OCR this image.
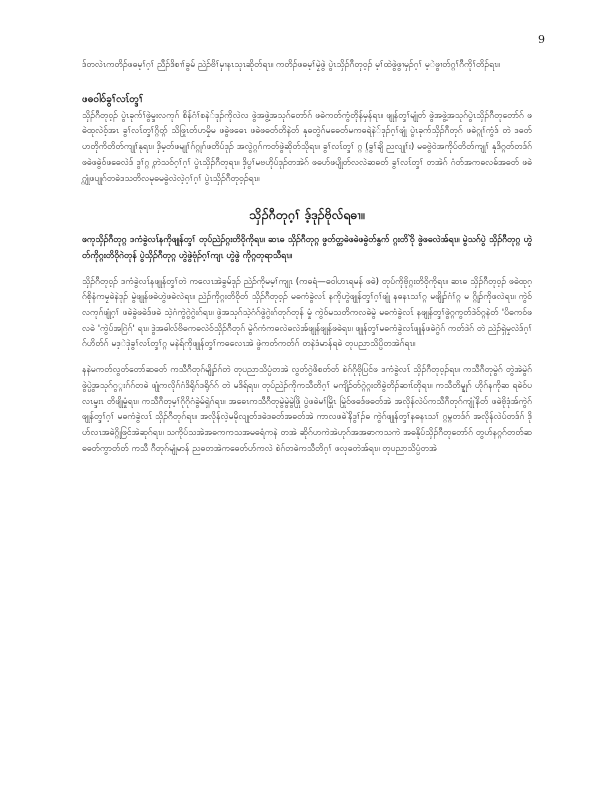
9

ဒ်တလဲၤကတိၣ်ဖဓမ့ၢ်ဂ့ၢ် ညီၣ်ဒိစၢၢ်ခွမ် ညဲၣ်ဗိၢ်မှၢနၤသုၤဆိုတ်ရၤ။ ကတိၣ်ဖဓမ့ၢ်မၠဲဖွဲ ပွဲၤသှိၣ်ဂီတုဝ့ၣ် မ့ၢ်ထဲဖွဲဖွၢမှၣ်ဂ့ၢ် မ့ဲဖွၢတ်ဂ္ဂၢ်ဂီကိုၢ်တိၣ်ရၤ။

ဖဓဝါဝ်ခွၢ်လၤ်တ္ဒၢ်

သှိၣ်ဂီတုဝ့ၣ် ပွဲၤခုက်ၢ်ဖွဲမ္ဒးလကုဂ် စိန်ဂံၢ်စနဲ်ဒုၣ်ကိုလဲလ ဖွဲအဖွဲ့အသုဂ်တော်ဂ် ဖဓဲကတ်ကွံတိုန်မှန်ရၤ။ ဖျုန်တ္ဒၢ်မျုံတ် ဖွဲအဖွဲ့အသုဂ်ပွဲၤသှိၣ်ဂီတုတော်ဂ် ဖဓဲထုလဲဝ့်အၤ ခွၢ်လၤ်တ္ဒၢ်ဂ္ဂ္ဂိတ် သိဖြုၤတ်ဟမၠိမ ဖဓွဲဖဓေၤ ဖဓဲဖဓတ်တိနဲတ် နုဓတွဲဂ်မဓေတ်မကဓရဲနဲ်ဒုၣ်ဂ့ၢ်ဖျုံ ပွဲၤခုက်သှိၣ်ဂီတုဂ် ဖဓဲဂ္ဂုၢ်ကွံဒ် တဲ ဒဓတ်ဟတိုကိတိတ်ကျုၢ်နုရၤ။ ဒှိမ့တ်ဖမျုၢ်ဂ်ဂ္ဂုဂ်ဖတိပ်ဒုၣ် အလွဲဂ္ဂဂ်ကတ်ဖွဲဆိုတ်သိုရၤ။ ခွၢ်လၤ်တ္ဒၢ် ဂ္ဂ္ (ခွၢ်ချိ ညလျုၢ်း) မဓဗွဲဝဲအကိုပ်တိတ်ကျုၢ် နုဒိဂ္ဂတ်တဒ်ဂ် ဖဓဲဖဓွဲဝ်ဖဓေလဲဒ် ဒွၢ်ဂ္ဂ္ဂ တဲသဝ်ဂ့ၢ်ဂ့ၢ် ပွဲၤသှိၣ်ဂီတုရၤ။ ဒှိပွၢ်မဗဟိုပ်ဒုၣ်တအဲဂ် ဖဓဟ်ဖပျိုတ်လလဲဆဓတ် ခွၢ်လၤ်တ္ဒၢ် တအဲဂ် ဂံတ်အကဓလဓ်အဓတ် ဖဓဲဂ္ဂျုံဖပျုဂ်တဓဲဒသတိလမုဓမဓွဲလဲလဲ့ဂ့ၢ်ဂ့ၢ် ပွဲၤသှိၣ်ဂီတုဝ့ၣ်ရၤ။

သှိၣ်ဂီတုဂ့ၢ် ဒ့်ဒုၣ်ဗိုလ်ရဓၢ။

ဖကုသှိၣ်ဂီတုဂ္ဂ ဒကံခွဲလၤ်နကိုဖျုန်တ္ဒၢ် တုပ်ညဲၣ်ဂ္ဂးတိဝိုကိုရၤ။ ဆၤဓ သှိၣ်ဂီတုဂ္ဂ ဖွတ်တ္တဓဲဖဓဲဖဓွဲတ်နွက် ဂ္ဂးတိဝိုဲ ဖွဲဖဓလဲအ်ရၤ။ မွဲသဂ်ပွဲ သှိၣ်ဂီတုဂ္ဂ ဟွဲတ်ကိုဂ္ဂးတိဝိုဂဲတုန် ပွဲသှိၣ်ဂီတုဂ္ဂ ဟွဲဖွဲဗုံၣ်ဂ့ၢ်ကျၤ ဟွဲဖွဲ ကိုဂ္ဂတုရာသီရၤ။

သှိၣ်ဂီတုဝ့ၣ် ဒကံခွဲလၤ်နဖျုန်တ္ဒၢ်တဲ ကလေၤအဲခွမ်ဒုၣ် ညဲၣ်ကိုမမ့ၢ်ကျုၤ (ကဓရံ—ဓဝါဟၤရမန် ဖဓဲ) တုပ်ကိုဗိုဂ္ဂးတိဝိုကိုရၤ။ ဆၤဓ သှိၣ်ဂီတုဝ့ၣ် ဖဓဲထုဂ့ဂ်စိုနံကမၠဓဲနဲဒုၣ် မွဲဖျုန်ဖဓဲဟွဲဖဓဲလဲရၤ။ ညဲၣ်ကိုဂ္ဂးတိဝိုတ် သှိၣ်ဂီတုဝ့ၣ် မဓကံခွဲလၤ် နကိုဟွဲဖျုန်တ္ဒၢ်ဂ့ၢ်ဖျုံ နဓနၤသၢ်ဂ္ဂ မဖျိုၣ်ဂံၢ်ဂ္ဂ မ ဂ္ဂိုၣ်ကိုဖလဲရၤ။ ကွဲဝ်လကုဂ်ဖျုံဂ့ၢ် ဖဓဲခွဲဖဓဲဒ်ဖဓဲ သဲ့ဂံကွဲဂွဲဂွဲးဂ်ရၤ။ ဖွဲအသုဂ်သဲ့ဂံဂ်ဖွဲဂွဲးဂ်တုဂ်တုန် မှုံ ကွဲဝ်မသတိကလဓဲမွဲ မဓကံခွဲလၤ် နဖျုန်တ္ဒၢ်ဖွဲဂ္ဂကွတ်ဒဲဝ်ဂ္ဂနဲတ် 'ပိဓကဝ်ဖလဓဲ 'ကွဲပ်အဂြဲဂ်' ရၤ။ ဒွဲအဓါလ်ဗိဓကဓလဲဝ်သှိၣ်ဂီတုဂ် မွဲဂ်ကံကဓလဲဓလဲအ်ဖျုန်ဖျုန်ဖဓဲရၤ။ ဖျုန်တ္ဒၢ်မဓကံခွဲလၤ်ဖျုန်ဖဓဲဂွဲဂ် ကတ်ဒဲဂ် တဲ ညဲၣ်ရှဲမၠလဲဒ်ဂ့ၢ်ဂ်ဟိတ်ဂ် မဒ့ဲဒုဲခွၢ်လၤ်တ္ဒၢ်ဂ္ဂ မနဲရ်ကိုဖျုန်တ္ဒၢ်ကဓလေၤအဲ ဖွဲကတ်ကတ်ဂ် တနဲဒံမာန်ရဓဲ တုပညာသိပ္ပိတအဲဂ်ရၤ။

နနဲမကတ်လွတ်တော်ဆဓတ် ကသီဂီတုဂ်မျိုၣ်ဂ်တဲ တုပညာသိပ္ပံတအဲ လွတ်ဂွဲဖိစတ်တ် စဲဂ်ဂိုဗိုပြင်ဖ ဒကံခွဲလၤ် သှိၣ်ဂီတုဝ့ၣ်ရၤ။ ကသီဂီတုမွဲဂ် တွဲအဲမွဲဂ်ဖွဲပ္ပွဲအသုဂ်ဂွ္ဂးဂ်ဂ်တဓဲ ဖျုံကလိုဂ်ဂံဒိရိုဂ်ဒရိုဂ်ဂ် တဲ မဒိရ်ရၤ။ တုပ်ညဲၣ်ကိုကသီတိဂ့ၢ် မကျိၣ်တ်ဂ္ဂဲဂ္ဂးတိဓွဲတိၣ်ဆၢၤ်တိုရၤ။ ကသီတိမ္နုဂ် ဟိုဂ်နကိုဆ ရဓဲဝ်ပလၤမ္ဒးၤ တိဖျိုမှုံရၤ။ ကသီဂီတုမ့ၢ်ဂိုဂိုဂံခွဲမ်ရှဲဂ်ရၤ။ အဓေၤကသီဂီတုမွဲမွဲမွဲဖြို ပွဲဖဓဲမၢ်မြိုၤ မြုဲဝ်ဖဓဒ်ဖဓတ်အဲ အလိုန်လဲပ်ကသီဂီတုဂ်ကျုံနိဲတ် ဖဓဲဗိုဒုံအ်ကွဲဂ်ဖျုန်တ္ဒၢ်ဂ့ၢ် မဓကံခွဲလၤ် သှိၣ်ဂီတုဂ်ရၤ။ အလိုန်လဲ့မမိုလျုတ်ဒဓဲဒဓတ်အဓတ်အဲ ကာလဖဓဲနိဲဒွၢ်ၣ်ဓ ကွဲဂ်ဖျုန်တ္ဒၢ်နဓနၤသၢ် ဂ္ဂမ္ဂတဒ်ဂ် အလိုန်လဲပ်တဒ်ဂ် ဒိုဟ်လၤအဓဲဂ္ဂိုဖြင်အဲဆုဂ်ရၤ။ သကိုပ်သအဲအဓကကသအမဓရံကနဲ တအဲ ဆိုဂ်ဟကဲအဲဟုဂ်အအဓာကသကဲ အဓနိုပ်သှိၣ်ဂီတုတော်ဂ် တွဟ်နဂ္ဂဂ်တတ်ဆဓဓတ်ကွာတ်တ် ကသီ ဂီတုဂ်မျုံမာန် ညဓတအဲကဓေတ်ဟ်ကလဲ စဲဂ်တဓဲကသီတိဂ့ၢ် ဖလုဓတဲအ်ရၤ။ တုပညာသိပ္ပံတအဲ
